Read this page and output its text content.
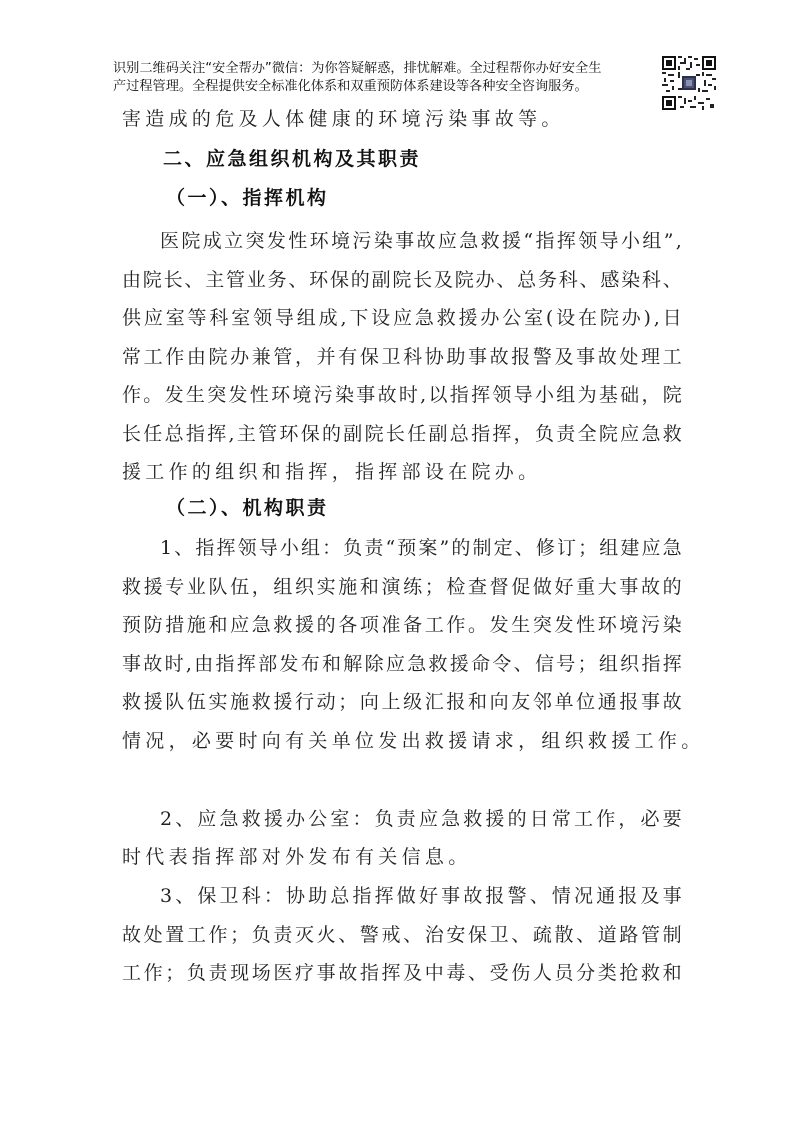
识别二维码关注“安全帮办”微信：为你答疑解惑，排忧解难。全过程帮你办好安全生
产过程管理。全程提供安全标准化体系和双重预防体系建设等各种安全咨询服务。
害造成的危及人体健康的环境污染事故等。
二、应急组织机构及其职责
（一）、指挥机构
医 院 成 立 突 发 性 环 境 污 染 事 故 应 急 救 援 “ 指 挥 领 导 小 组 ” ,
由 院 长 、 主 管 业 务 、 环 保 的 副 院 长 及 院 办 、 总 务 科 、 感 染 科 、
供 应 室 等 科 室 领 导 组 成 , 下 设 应 急 救 援 办 公 室 ( 设 在 院 办 ) , 日
常 工 作 由 院 办 兼 管 ， 并 有 保 卫 科 协 助 事 故 报 警 及 事 故 处 理 工
作 。 发 生 突 发 性 环 境 污 染 事 故 时 , 以 指 挥 领 导 小 组 为 基 础 ， 院
长 任 总 指 挥 , 主 管 环 保 的 副 院 长 任 副 总 指 挥 ， 负 责 全 院 应 急 救
援工作的组织和指挥，指挥部设在院办。
（二）、机构职责
1 、 指 挥 领 导 小 组 ： 负 责 “ 预 案 ” 的 制 定 、 修 订 ； 组 建 应 急
救 援 专 业 队 伍 ， 组 织 实 施 和 演 练 ； 检 查 督 促 做 好 重 大 事 故 的
预 防 措 施 和 应 急 救 援 的 各 项 准 备 工 作 。 发 生 突 发 性 环 境 污 染
事 故 时 , 由 指 挥 部 发 布 和 解 除 应 急 救 援 命 令 、 信 号 ； 组 织 指 挥
救 援 队 伍 实 施 救 援 行 动 ； 向 上 级 汇 报 和 向 友 邻 单 位 通 报 事 故
情况，必要时向有关单位发出救援请求，组织救援工作。
2 、 应 急 救 援 办 公 室 ： 负 责 应 急 救 援 的 日 常 工 作 ， 必 要
时代表指挥部对外发布有关信息。
3 、 保 卫 科 ： 协 助 总 指 挥 做 好 事 故 报 警 、 情 况 通 报 及 事
故 处 置 工 作 ； 负 责 灭 火 、 警 戒 、 治 安 保 卫 、 疏 散 、 道 路 管 制
工 作 ； 负 责 现 场 医 疗 事 故 指 挥 及 中 毒 、 受 伤 人 员 分 类 抢 救 和
